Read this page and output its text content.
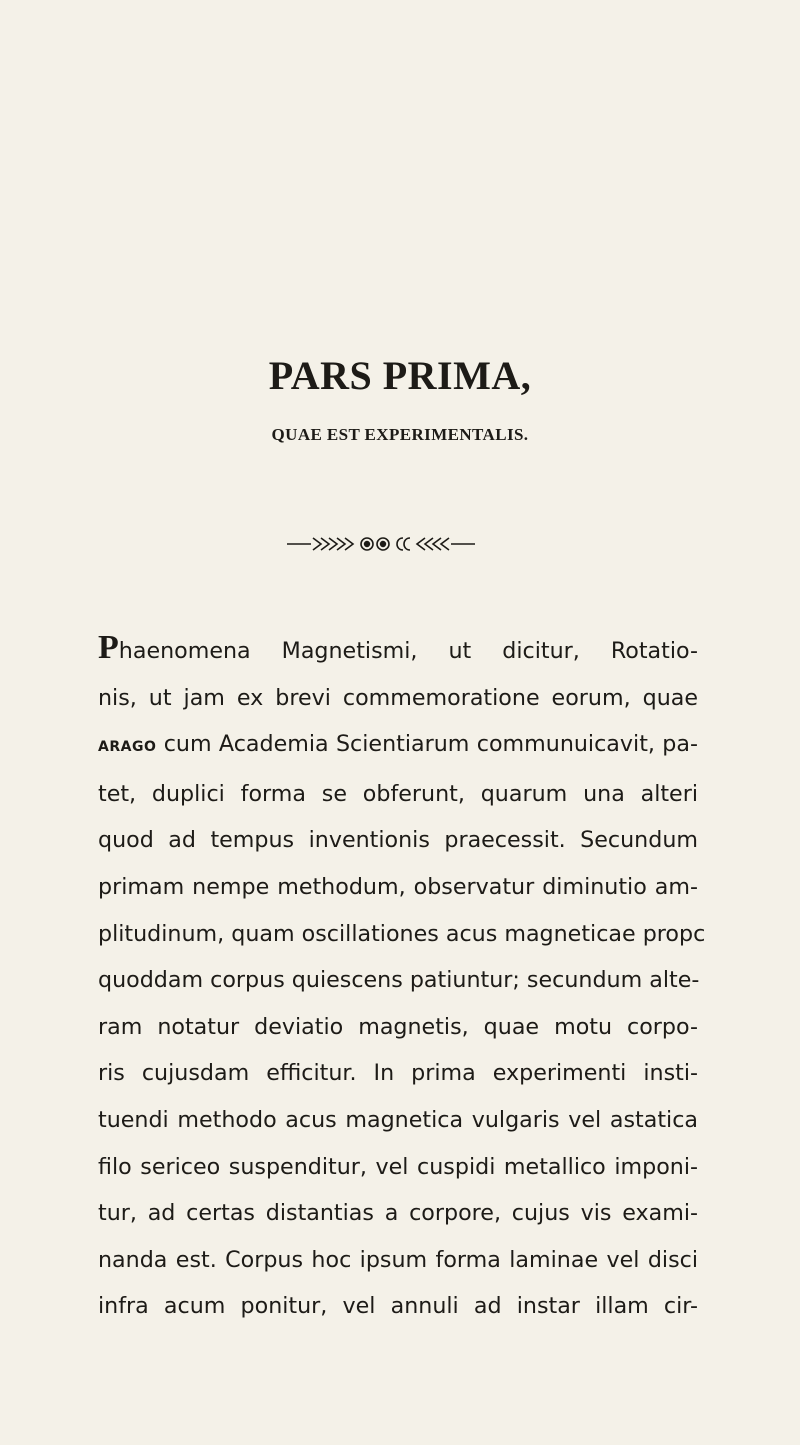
PARS PRIMA,
QUAE EST EXPERIMENTALIS.
Phaenomena Magnetismi, ut dicitur, Rotatio-
nis, ut jam ex brevi commemoratione eorum, quae
ARAGO cum Academia Scientiarum communuicavit, pa-
tet, duplici forma se obferunt, quarum una alteri
quod ad tempus inventionis praecessit. Secundum
primam nempe methodum, observatur diminutio am-
plitudinum, quam oscillationes acus magneticae propc
quoddam corpus quiescens patiuntur; secundum alte-
ram notatur deviatio magnetis, quae motu corpo-
ris cujusdam efficitur. In prima experimenti insti-
tuendi methodo acus magnetica vulgaris vel astatica
filo sericeo suspenditur, vel cuspidi metallico imponi-
tur, ad certas distantias a corpore, cujus vis exami-
nanda est. Corpus hoc ipsum forma laminae vel disci
infra acum ponitur, vel annuli ad instar illam cir-
